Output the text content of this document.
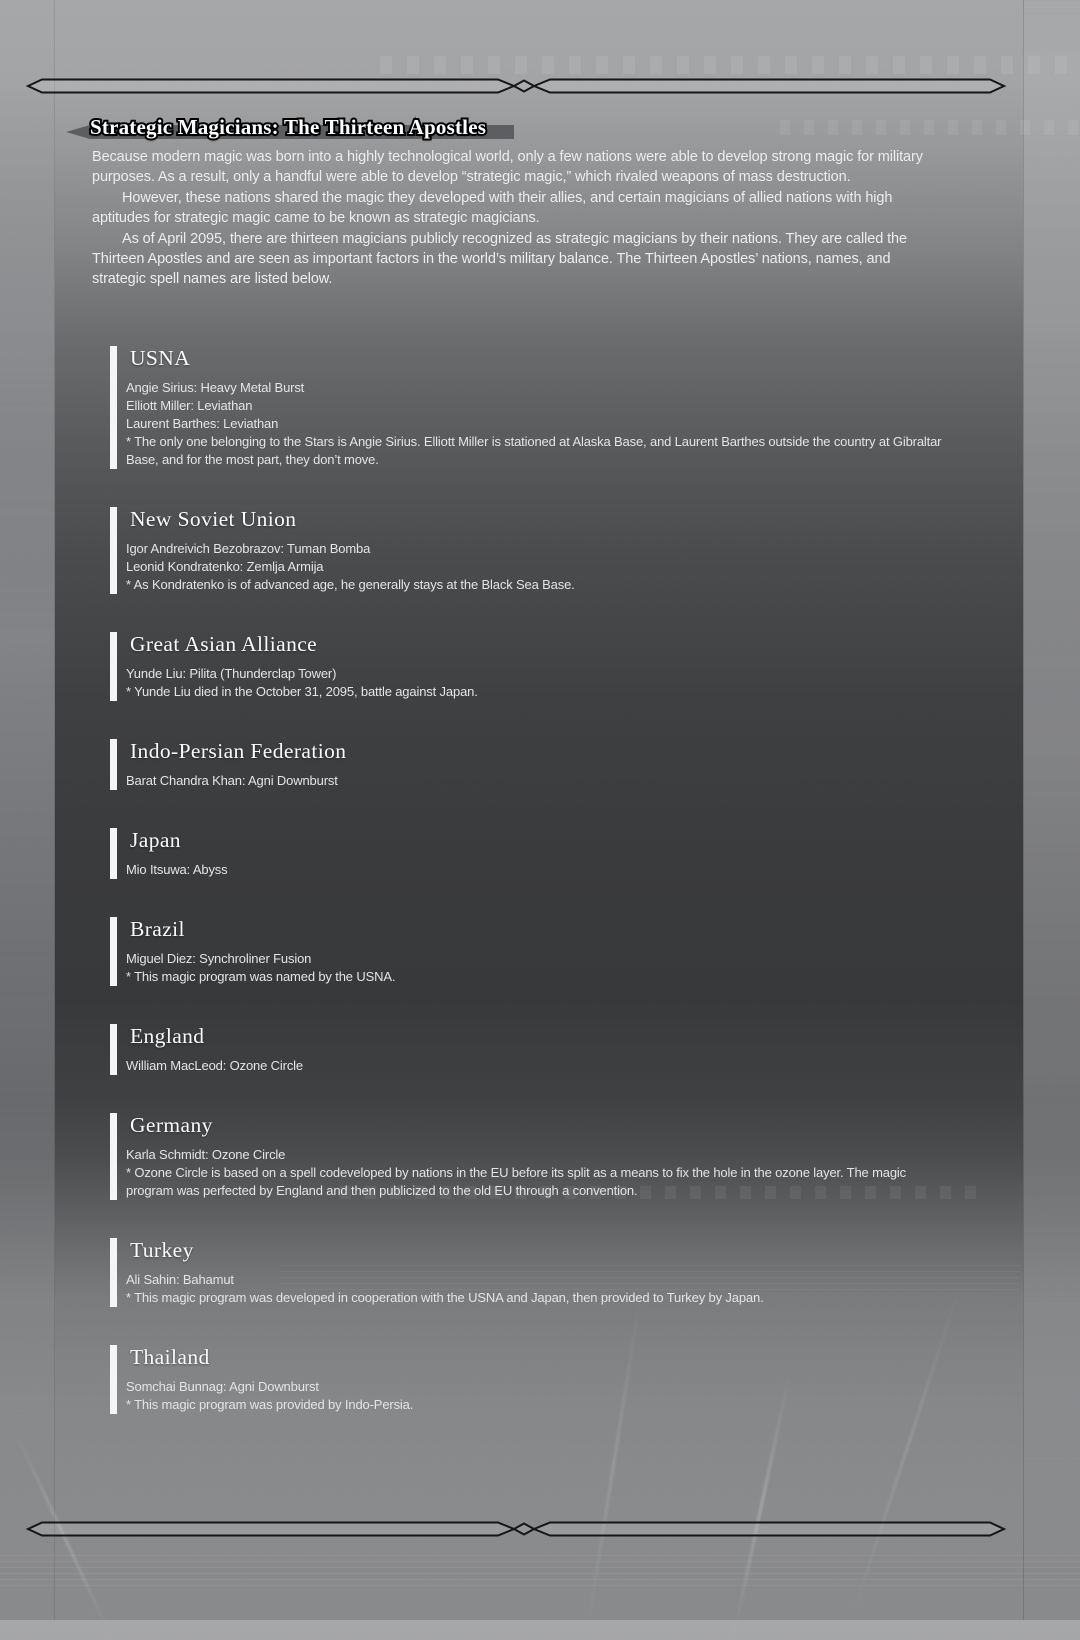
Strategic Magicians: The Thirteen Apostles

Because modern magic was born into a highly technological world, only a few nations were able to develop strong magic for military purposes. As a result, only a handful were able to develop “strategic magic,” which rivaled weapons of mass destruction.

However, these nations shared the magic they developed with their allies, and certain magicians of allied nations with high aptitudes for strategic magic came to be known as strategic magicians.

As of April 2095, there are thirteen magicians publicly recognized as strategic magicians by their nations. They are called the Thirteen Apostles and are seen as important factors in the world’s military balance. The Thirteen Apostles’ nations, names, and strategic spell names are listed below.

USNA
Angie Sirius: Heavy Metal Burst
Elliott Miller: Leviathan
Laurent Barthes: Leviathan
* The only one belonging to the Stars is Angie Sirius. Elliott Miller is stationed at Alaska Base, and Laurent Barthes outside the country at Gibraltar Base, and for the most part, they don’t move.
New Soviet Union
Igor Andreivich Bezobrazov: Tuman Bomba
Leonid Kondratenko: Zemlja Armija
* As Kondratenko is of advanced age, he generally stays at the Black Sea Base.
Great Asian Alliance
Yunde Liu: Pilita (Thunderclap Tower)
* Yunde Liu died in the October 31, 2095, battle against Japan.
Indo-Persian Federation
Barat Chandra Khan: Agni Downburst
Japan
Mio Itsuwa: Abyss
Brazil
Miguel Diez: Synchroliner Fusion
* This magic program was named by the USNA.
England
William MacLeod: Ozone Circle
Germany
Karla Schmidt: Ozone Circle
* Ozone Circle is based on a spell codeveloped by nations in the EU before its split as a means to fix the hole in the ozone layer. The magic program was perfected by England and then publicized to the old EU through a convention.
Turkey
Ali Sahin: Bahamut
* This magic program was developed in cooperation with the USNA and Japan, then provided to Turkey by Japan.
Thailand
Somchai Bunnag: Agni Downburst
* This magic program was provided by Indo-Persia.
